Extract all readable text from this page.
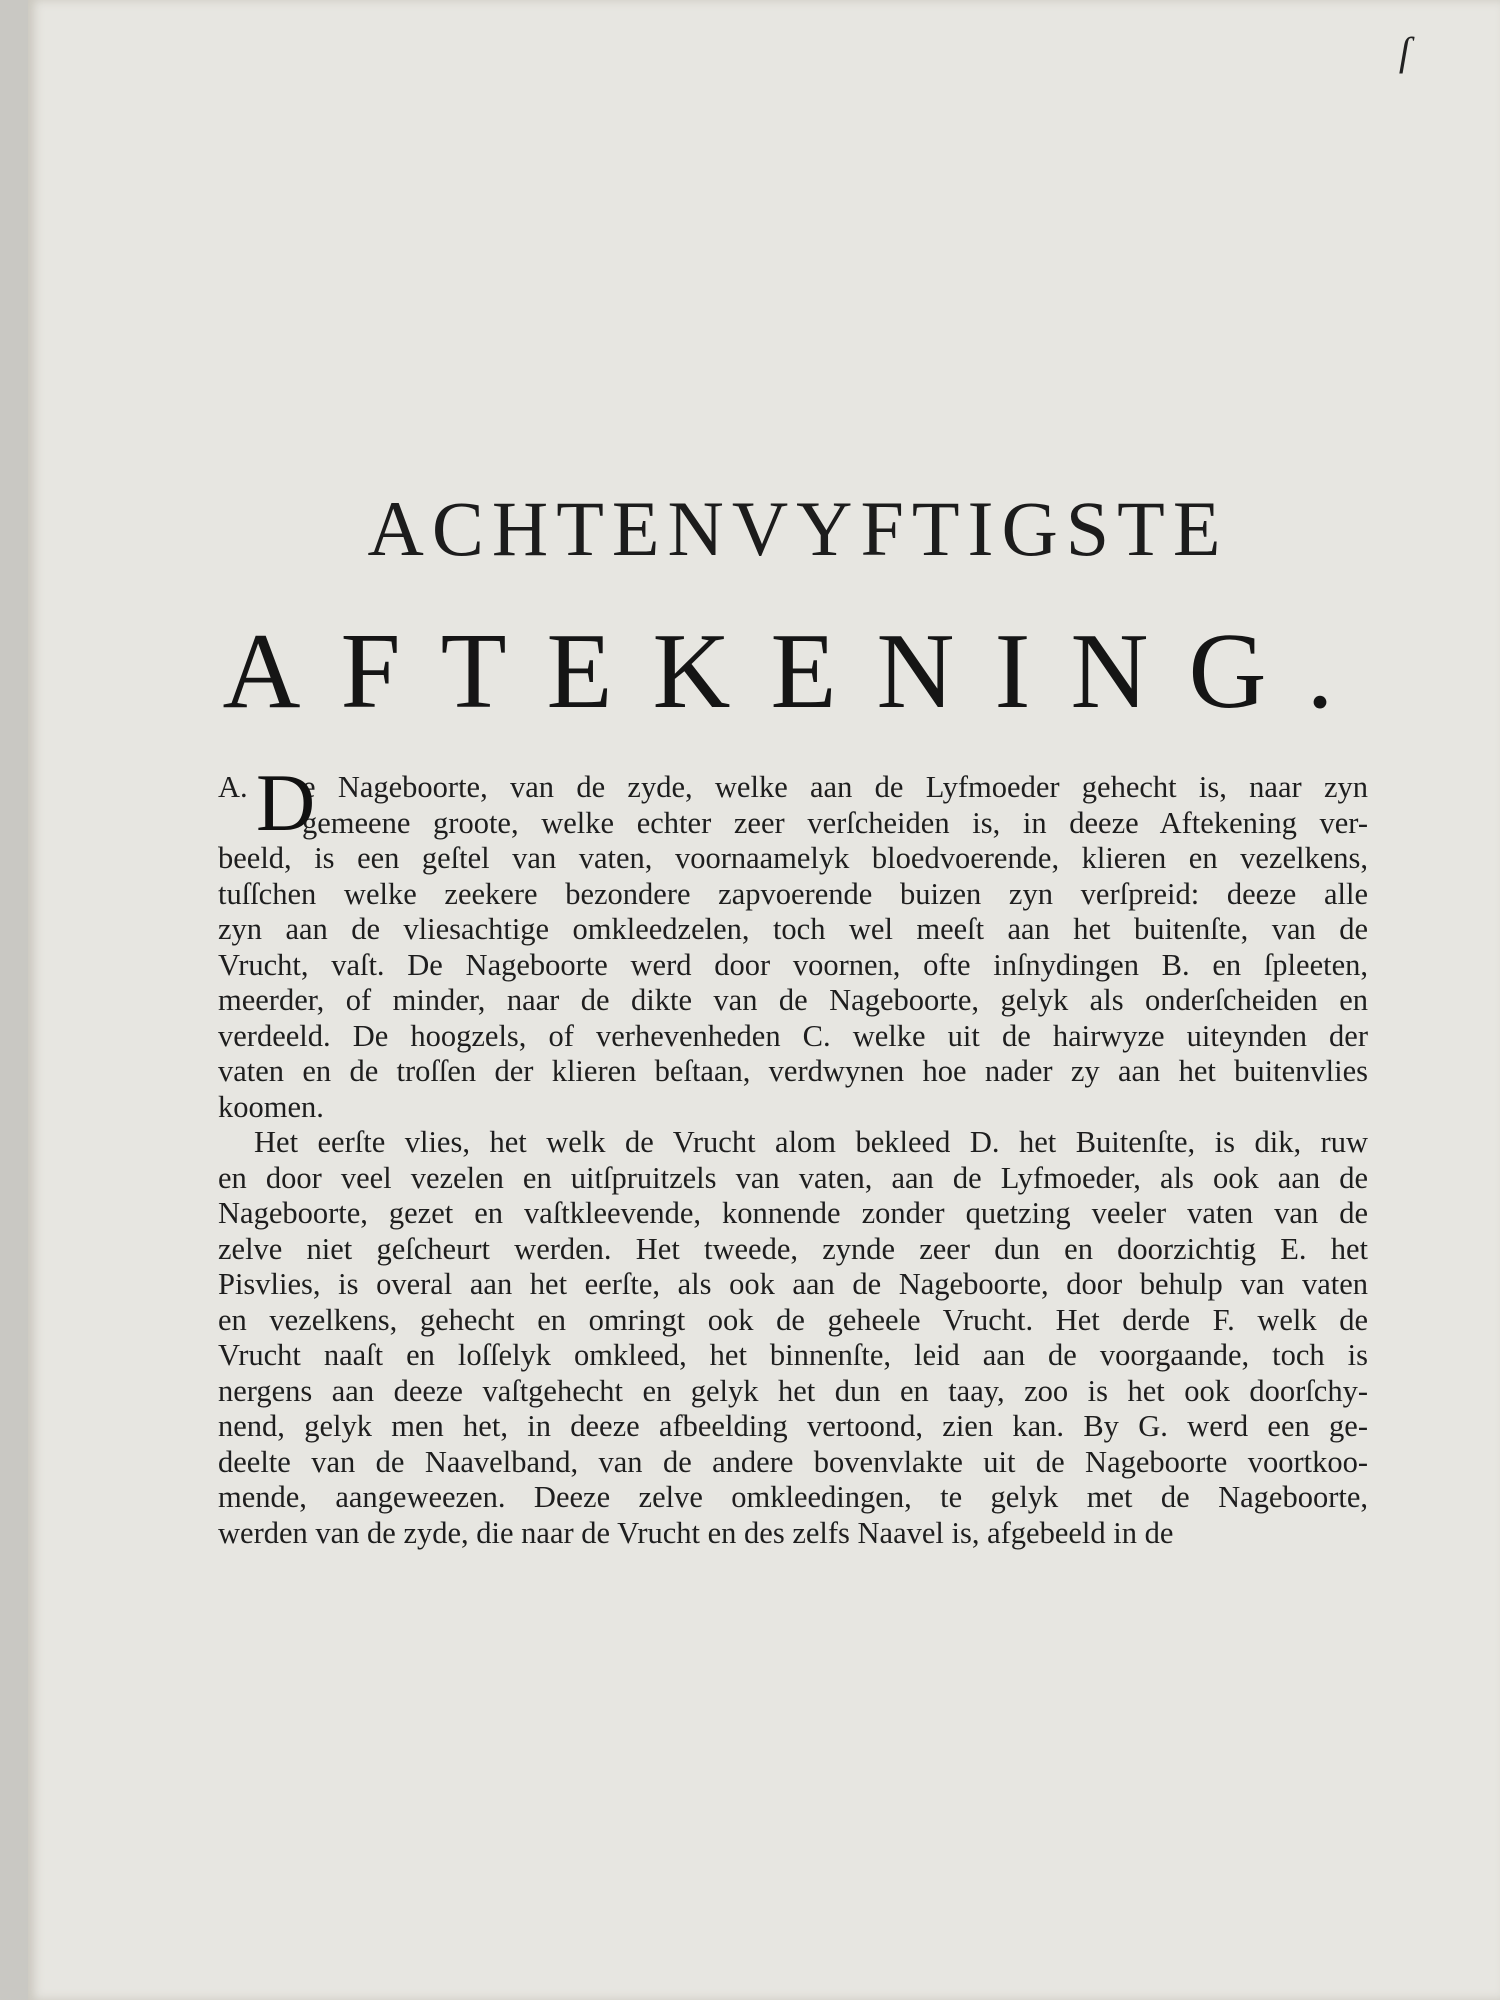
ſ
ACHTENVYFTIGSTE
AFTEKENING.
A. D
e Nageboorte, van de zyde, welke aan de Lyfmoeder gehecht is, naar zyn
gemeene groote, welke echter zeer verſcheiden is, in deeze Aftekening ver-
beeld, is een geſtel van vaten, voornaamelyk bloedvoerende, klieren en vezelkens,
tuſſchen welke zeekere bezondere zapvoerende buizen zyn verſpreid: deeze alle
zyn aan de vliesachtige omkleedzelen, toch wel meeſt aan het buitenſte, van de
Vrucht, vaſt. De Nageboorte werd door voornen, ofte inſnydingen B. en ſpleeten,
meerder, of minder, naar de dikte van de Nageboorte, gelyk als onderſcheiden en
verdeeld. De hoogzels, of verhevenheden C. welke uit de hairwyze uiteynden der
vaten en de troſſen der klieren beſtaan, verdwynen hoe nader zy aan het buitenvlies
koomen.
Het eerſte vlies, het welk de Vrucht alom bekleed D. het Buitenſte, is dik, ruw
en door veel vezelen en uitſpruitzels van vaten, aan de Lyfmoeder, als ook aan de
Nageboorte, gezet en vaſtkleevende, konnende zonder quetzing veeler vaten van de
zelve niet geſcheurt werden. Het tweede, zynde zeer dun en doorzichtig E. het
Pisvlies, is overal aan het eerſte, als ook aan de Nageboorte, door behulp van vaten
en vezelkens, gehecht en omringt ook de geheele Vrucht. Het derde F. welk de
Vrucht naaſt en loſſelyk omkleed, het binnenſte, leid aan de voorgaande, toch is
nergens aan deeze vaſtgehecht en gelyk het dun en taay, zoo is het ook doorſchy-
nend, gelyk men het, in deeze afbeelding vertoond, zien kan. By G. werd een ge-
deelte van de Naavelband, van de andere bovenvlakte uit de Nageboorte voortkoo-
mende, aangeweezen. Deeze zelve omkleedingen, te gelyk met de Nageboorte,
werden van de zyde, die naar de Vrucht en des zelfs Naavel is, afgebeeld in de
